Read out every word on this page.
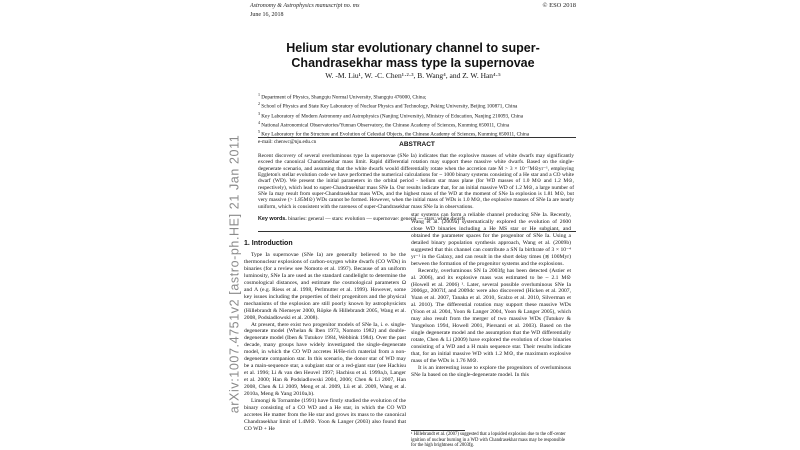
arXiv:1007.4751v2 [astro-ph.HE] 21 Jan 2011
Astronomy & Astrophysics manuscript no. ms
June 16, 2018
© ESO 2018
Helium star evolutionary channel to super-Chandrasekhar mass type Ia supernovae
W. -M. Liu¹, W. -C. Chen¹·²·³, B. Wang⁴, and Z. W. Han⁴·⁵
$^1$ Department of Physics, Shangqiu Normal University, Shangqiu 476000, China;
$^2$ School of Physics and State Key Laboratory of Nuclear Physics and Technology, Peking University, Beijing 100871, China
$^3$ Key Laboratory of Modern Astronomy and Astrophysics (Nanjing University), Ministry of Education, Nanjing 210093, China
$^4$ National Astronomical Observatories/Yunnan Observatory, the Chinese Academy of Sciences, Kunming 650011, China
$^5$ Key Laboratory for the Structure and Evolution of Celestial Objects, the Chinese Academy of Sciences, Kunming 650011, China
e-mail: chenwc@nju.edu.cn	ABSTRACT
Recent discovery of several overluminous type Ia supernovae (SNe Ia) indicates that the explosive masses of white dwarfs may significantly exceed the canonical Chandrasekhar mass limit. Rapid differential rotation may support these massive white dwarfs. Based on the single-degenerate scenario, and assuming that the white dwarfs would differentially rotate when the accretion rate Ṁ > 3 × 10⁻⁷M⊙yr⁻¹, employing Eggleton's stellar evolution code we have performed the numerical calculations for ~ 1000 binary systems consisting of a He star and a CO white dwarf (WD). We present the initial parameters in the orbital period - helium star mass plane (for WD masses of 1.0 M⊙ and 1.2 M⊙, respectively), which lead to super-Chandrasekhar mass SNe Ia. Our results indicate that, for an initial massive WD of 1.2 M⊙, a large number of SNe Ia may result from super-Chandrasekhar mass WDs, and the highest mass of the WD at the moment of SNe Ia explosion is 1.81 M⊙, but very massive (> 1.85M⊙) WDs cannot be formed. However, when the initial mass of WDs is 1.0 M⊙, the explosive masses of SNe Ia are nearly uniform, which is consistent with the rareness of super-Chandrasekhar mass SNe Ia in observations.
Key words. binaries: general — stars: evolution — supernovae: general — stars: white dwarfs
1. Introduction

Type Ia supernovae (SNe Ia) are generally believed to be the thermonuclear explosions of carbon-oxygen white dwarfs (CO WDs) in binaries (for a review see Nomoto et al. 1997). Because of an uniform luminosity, SNe Ia are used as the standard candlelight to determine the cosmological distances, and estimate the cosmological parameters Ω and Λ (e.g. Riess et al. 1998, Perlmutter et al. 1999). However, some key issues including the properties of their progenitors and the physical mechanisms of the explosion are still poorly known by astrophysicists (Hillebrandt & Niemeyer 2000, Röpke & Hillebrandt 2005, Wang et al. 2008, Podsiadlowski et al. 2008).

At present, there exist two progenitor models of SNe Ia, i. e. single-degenerate model (Whelan & Iben 1973, Nomoto 1982) and double-degenerate model (Iben & Tutukov 1984, Webbink 1984). Over the past decade, many groups have widely investigated the single-degenerate model, in which the CO WD accretes H/He-rich material from a non-degenerate companion star. In this scenario, the donor star of WD may be a main-sequence star, a subgiant star or a red-giant star (see Hachisu et al. 1996; Li & van den Heuvel 1997; Hachisu et al. 1999a,b, Langer et al. 2000; Han & Podsiadlowski 2004, 2006; Chen & Li 2007, Han 2008, Chen & Li 2009, Meng et al. 2009, Lü et al. 2009, Wang et al. 2010a, Meng & Yang 2010a,b).

Limongi & Tornambe (1991) have firstly studied the evolution of the binary consisting of a CO WD and a He star, in which the CO WD accretes He matter from the He star and grows its mass to the canonical Chandrasekhar limit of 1.4M⊙. Yoon & Langer (2003) also found that CO WD + He

star systems can form a reliable channel producing SNe Ia. Recently, Wang et al. (2009a) systematically explored the evolution of 2600 close WD binaries including a He MS star or He subgiant, and obtained the parameter spaces for the progenitor of SNe Ia. Using a detailed binary population synthesis approach, Wang et al. (2009b) suggested that this channel can contribute a SN Ia birthrate of 3 × 10⁻⁴ yr⁻¹ in the Galaxy, and can result in the short delay times (≲ 100Myr) between the formation of the progenitor systems and the explosions.

Recently, overluminous SN Ia 2003fg has been detected (Astier et al. 2006), and its explosive mass was estimated to be ~ 2.1 M⊙ (Howell et al. 2006) ¹. Later, several possible overluminous SNe Ia 2006gz, 2007if, and 2009dc were also discovered (Hicken et al. 2007, Yuan et al. 2007, Tanaka et al. 2010, Scalzo et al. 2010, Silverman et al. 2010). The differential rotation may support these massive WDs (Yoon et al. 2004, Yoon & Langer 2004, Yoon & Langer 2005), which may also result from the merger of two massive WDs (Tutukov & Yungelson 1994, Howell 2001, Piersanti et al. 2003). Based on the single degenerate model and the assumption that the WD differentially rotate, Chen & Li (2009) have explored the evolution of close binaries consisting of a WD and a H main sequence star. Their results indicate that, for an initial massive WD with 1.2 M⊙, the maximum explosive mass of the WDs is 1.76 M⊙.

It is an interesting issue to explore the progenitors of overluminous SNe Ia based on the single-degenerate model. In this

¹ Hillebrandt et al. (2007) suggested that a lopsided explosion due to the off-center ignition of nuclear burning in a WD with Chandrasekhar mass may be responsible for the high brightness of 2003fg.
